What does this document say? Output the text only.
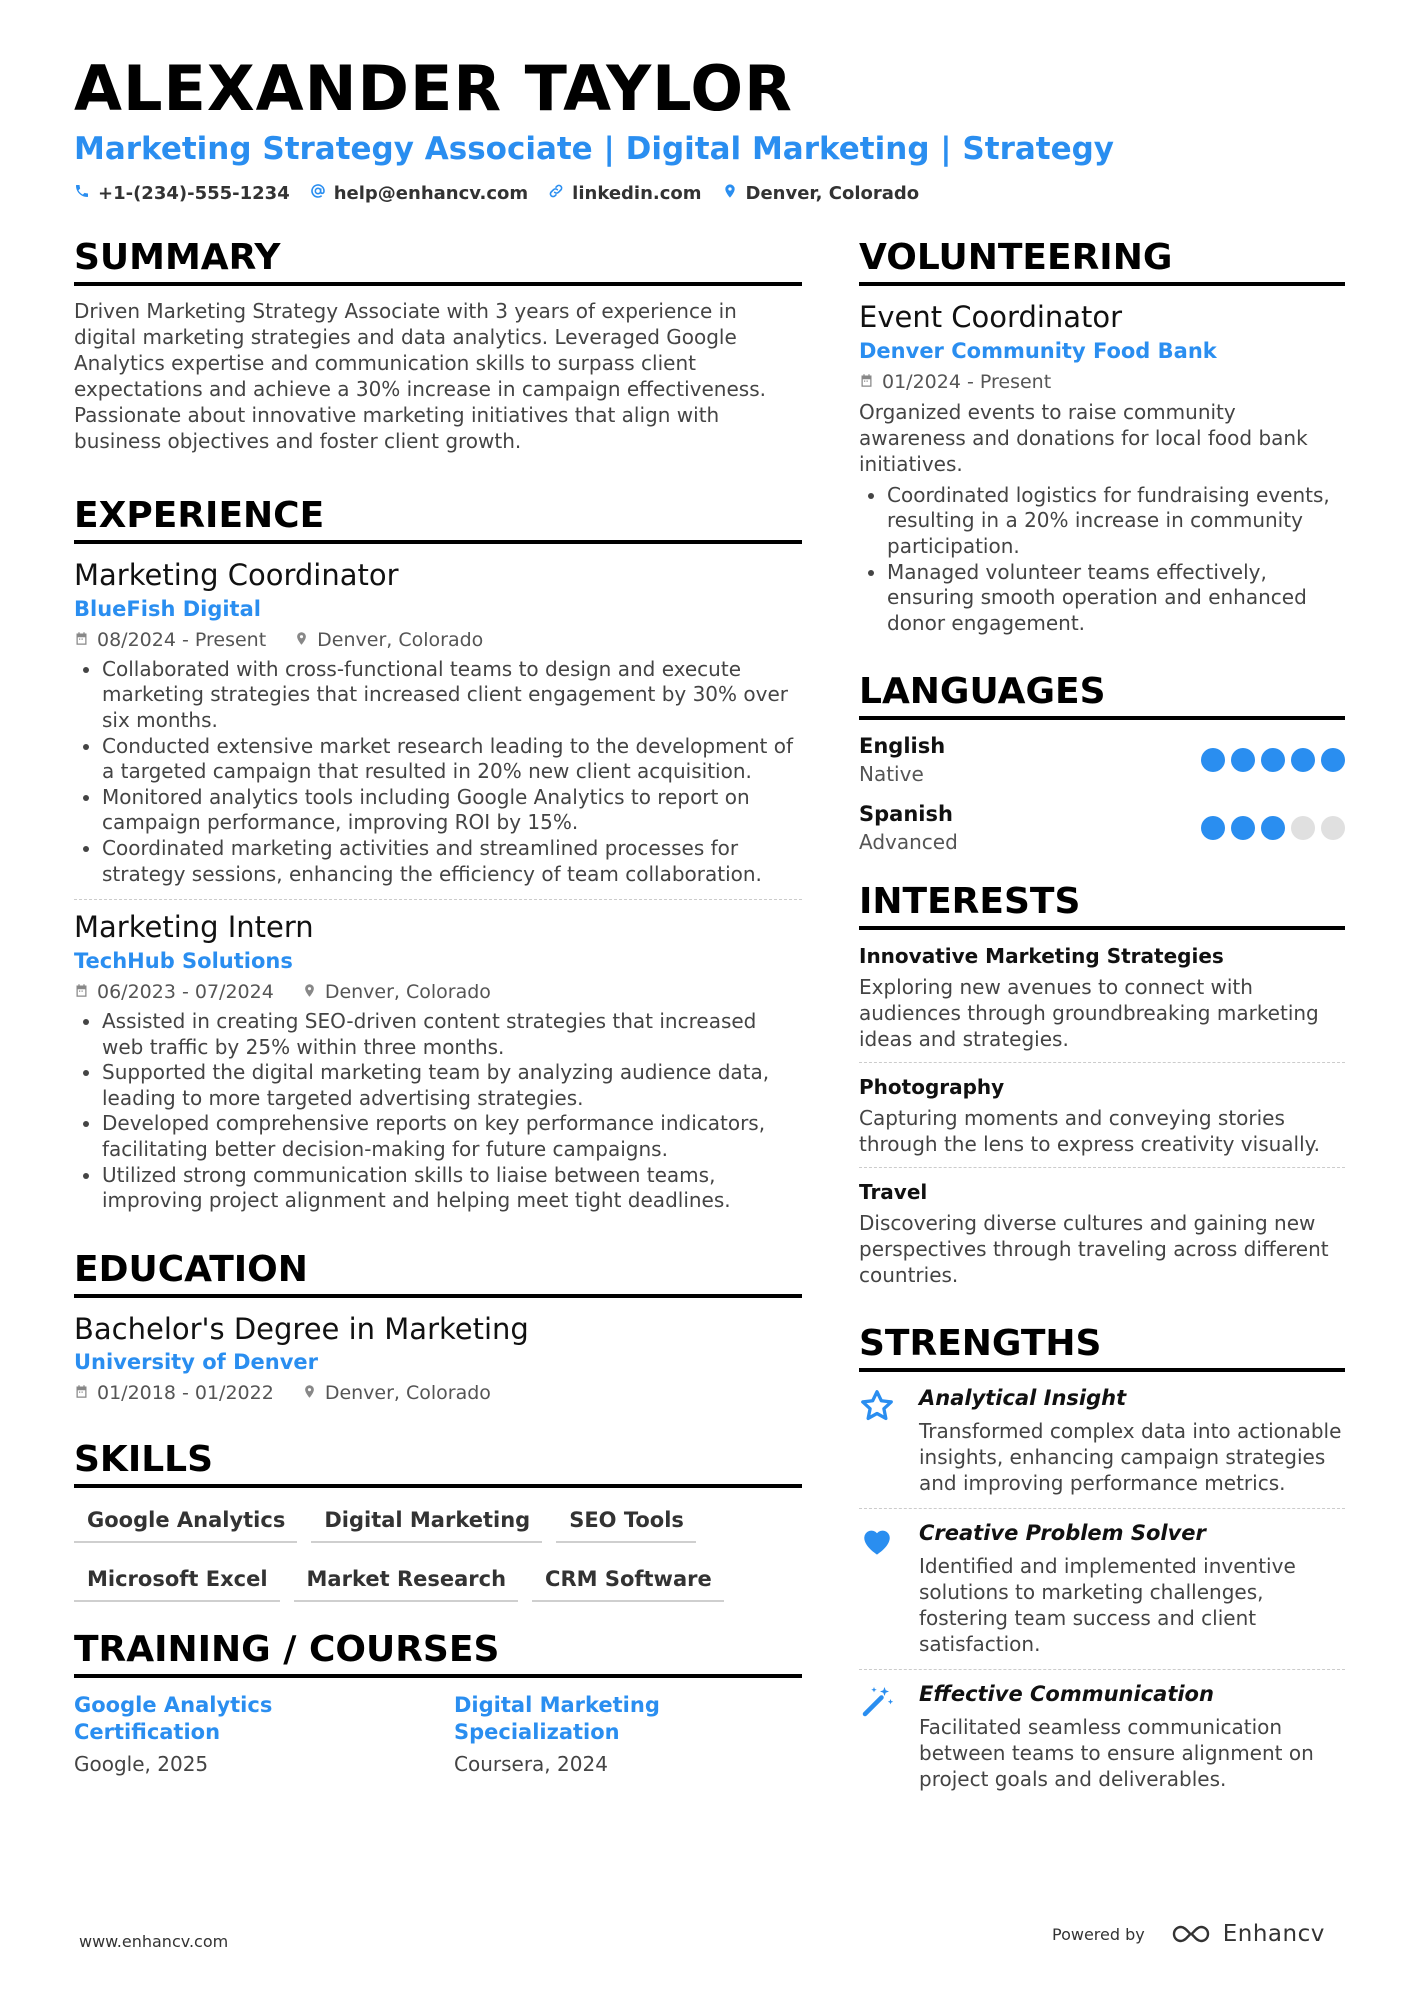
ALEXANDER TAYLOR
Marketing Strategy Associate | Digital Marketing | Strategy
+1-(234)-555-1234 help@enhancv.com linkedin.com Denver, Colorado
SUMMARY
Driven Marketing Strategy Associate with 3 years of experience in digital marketing strategies and data analytics. Leveraged Google Analytics expertise and communication skills to surpass client expectations and achieve a 30% increase in campaign effectiveness. Passionate about innovative marketing initiatives that align with business objectives and foster client growth.
EXPERIENCE
Marketing Coordinator
BlueFish Digital
08/2024 - Present	Denver, Colorado
• Collaborated with cross-functional teams to design and execute marketing strategies that increased client engagement by 30% over six months.
• Conducted extensive market research leading to the development of a targeted campaign that resulted in 20% new client acquisition.
• Monitored analytics tools including Google Analytics to report on campaign performance, improving ROI by 15%.
• Coordinated marketing activities and streamlined processes for strategy sessions, enhancing the efficiency of team collaboration.
Marketing Intern
TechHub Solutions
06/2023 - 07/2024	Denver, Colorado
• Assisted in creating SEO-driven content strategies that increased web traffic by 25% within three months.
• Supported the digital marketing team by analyzing audience data, leading to more targeted advertising strategies.
• Developed comprehensive reports on key performance indicators, facilitating better decision-making for future campaigns.
• Utilized strong communication skills to liaise between teams, improving project alignment and helping meet tight deadlines.
EDUCATION
Bachelor's Degree in Marketing
University of Denver
01/2018 - 01/2022	Denver, Colorado
SKILLS
Google Analytics	Digital Marketing	SEO Tools
Microsoft Excel	Market Research	CRM Software
TRAINING / COURSES
Google Analytics Certification
Google, 2025
Digital Marketing Specialization
Coursera, 2024
VOLUNTEERING
Event Coordinator
Denver Community Food Bank
01/2024 - Present
Organized events to raise community awareness and donations for local food bank initiatives.
• Coordinated logistics for fundraising events, resulting in a 20% increase in community participation.
• Managed volunteer teams effectively, ensuring smooth operation and enhanced donor engagement.
LANGUAGES
English
Native
Spanish
Advanced
INTERESTS
Innovative Marketing Strategies
Exploring new avenues to connect with audiences through groundbreaking marketing ideas and strategies.
Photography
Capturing moments and conveying stories through the lens to express creativity visually.
Travel
Discovering diverse cultures and gaining new perspectives through traveling across different countries.
STRENGTHS
Analytical Insight
Transformed complex data into actionable insights, enhancing campaign strategies and improving performance metrics.
Creative Problem Solver
Identified and implemented inventive solutions to marketing challenges, fostering team success and client satisfaction.
Effective Communication
Facilitated seamless communication between teams to ensure alignment on project goals and deliverables.
www.enhancv.com	Powered by	Enhancv
